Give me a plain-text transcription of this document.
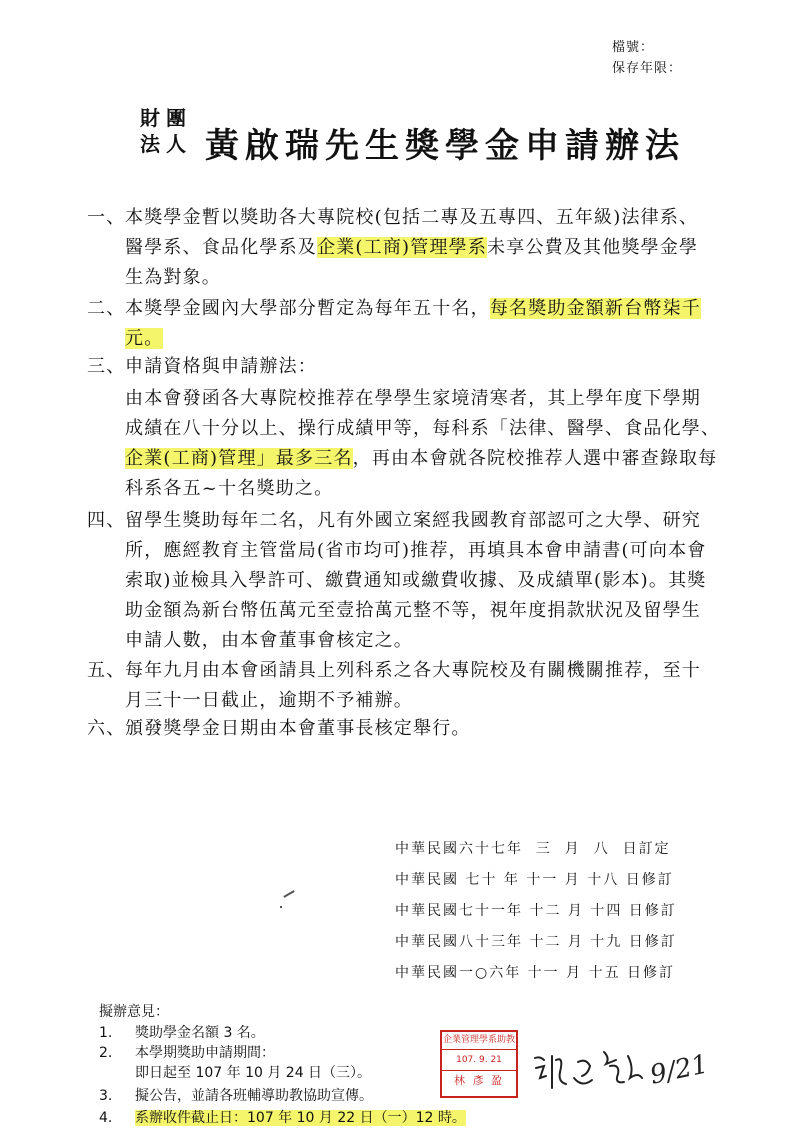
檔號：
保存年限：
財團
法人 黃啟瑞先生獎學金申請辦法
一、 本獎學金暫以獎助各大專院校(包括二專及五專四、五年級)法律系、
醫學系、食品化學系及企業(工商)管理學系未享公費及其他獎學金學
生為對象。
二、 本獎學金國內大學部分暫定為每年五十名，每名獎助金額新台幣柒千
元。
三、 申請資格與申請辦法：
由本會發函各大專院校推荐在學學生家境清寒者，其上學年度下學期
成績在八十分以上、操行成績甲等，每科系「法律、醫學、食品化學、
企業(工商)管理」最多三名，再由本會就各院校推荐人選中審查錄取每
科系各五~十名獎助之。
四、 留學生獎助每年二名，凡有外國立案經我國教育部認可之大學、研究
所，應經教育主管當局(省市均可)推荐，再填具本會申請書(可向本會
索取)並檢具入學許可、繳費通知或繳費收據、及成績單(影本)。其獎
助金額為新台幣伍萬元至壹拾萬元整不等，視年度捐款狀況及留學生
申請人數，由本會董事會核定之。
五、 每年九月由本會函請具上列科系之各大專院校及有關機關推荐，至十
月三十一日截止，逾期不予補辦。
六、 頒發獎學金日期由本會董事長核定舉行。
中華民國六十七年  三  月  八  日訂定
中華民國 七十 年 十一 月 十八 日修訂
中華民國七十一年 十二 月 十四 日修訂
中華民國八十三年 十二 月 十九 日修訂
中華民國一○六年 十一 月 十五 日修訂
擬辦意見：
1. 獎助學金名額 3 名。
2. 本學期獎助申請期間：
即日起至 107 年 10 月 24 日（三）。
3. 擬公告，並請各班輔導助教協助宣傳。
4. 系辦收件截止日：107 年 10 月 22 日（一）12 時。
企業管理學系助教
107. 9. 21
林 彥 盈	9/21
